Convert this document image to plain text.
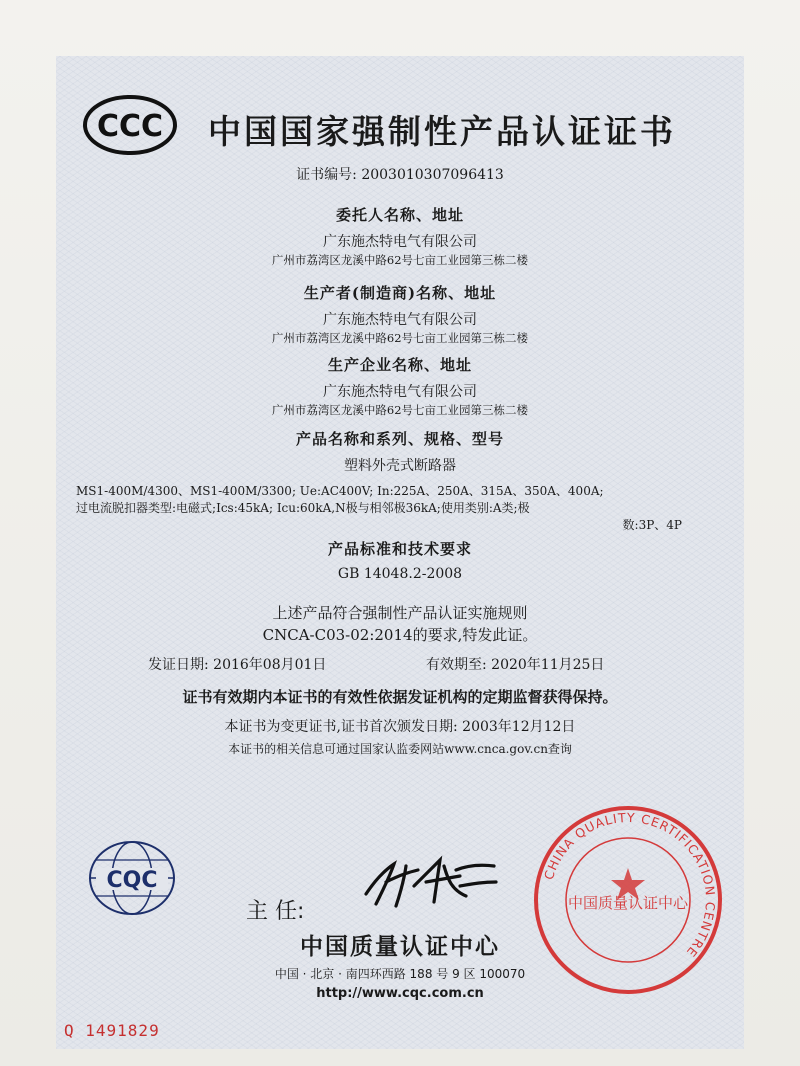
CCC 中国国家强制性产品认证证书
证书编号: 2003010307096413
委托人名称、地址
广东施杰特电气有限公司
广州市荔湾区龙溪中路62号七亩工业园第三栋二楼
生产者(制造商)名称、地址
广东施杰特电气有限公司
广州市荔湾区龙溪中路62号七亩工业园第三栋二楼
生产企业名称、地址
广东施杰特电气有限公司
广州市荔湾区龙溪中路62号七亩工业园第三栋二楼
产品名称和系列、规格、型号
塑料外壳式断路器
MS1-400M/4300、MS1-400M/3300; Ue:AC400V; In:225A、250A、315A、350A、400A;
过电流脱扣器类型:电磁式;Ics:45kA; Icu:60kA,N极与相邻极36kA;使用类别:A类;极
数:3P、4P
产品标准和技术要求
GB 14048.2-2008
上述产品符合强制性产品认证实施规则
CNCA-C03-02:2014的要求,特发此证。
发证日期: 2016年08月01日	有效期至: 2020年11月25日
证书有效期内本证书的有效性依据发证机构的定期监督获得保持。
本证书为变更证书,证书首次颁发日期: 2003年12月12日
本证书的相关信息可通过国家认监委网站www.cnca.gov.cn查询
CQC
主 任:
CHINA QUALITY CERTIFICATION CENTRE
中国质量认证中心
中国质量认证中心
中国 · 北京 · 南四环西路 188 号 9 区 100070
http://www.cqc.com.cn
Q 1491829
